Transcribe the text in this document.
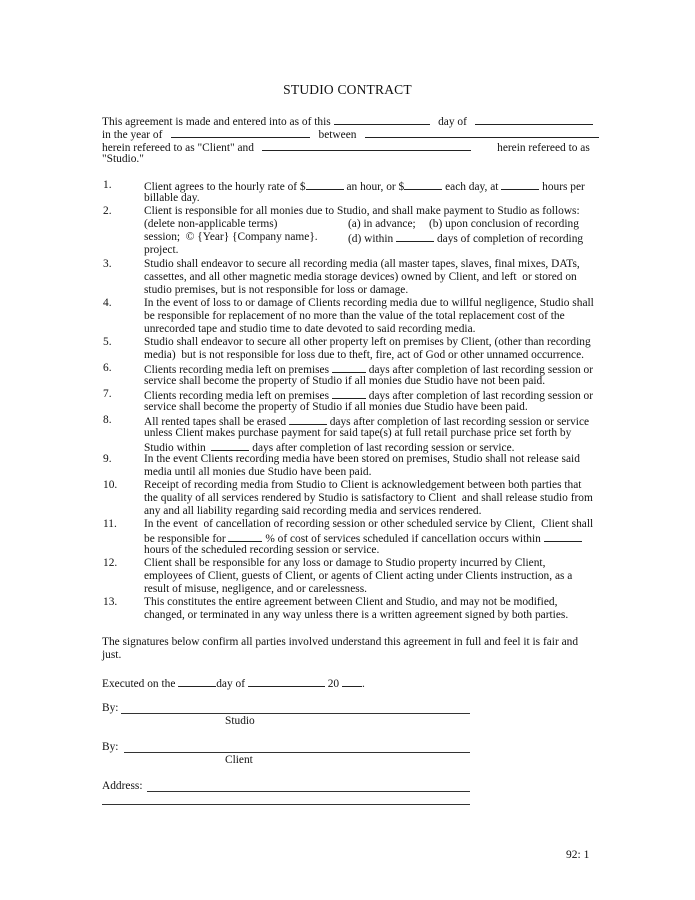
STUDIO CONTRACT
This agreement is made and entered into as of this	day of
in the year of	between
herein refereed to as "Client" and	herein refereed to as
"Studio."
1.	Client agrees to the hourly rate of $	an hour, or $	each day, at	hours per
billable day.
2.	Client is responsible for all monies due to Studio, and shall make payment to Studio as follows:
(delete non-applicable terms)	(a) in advance; (b) upon conclusion of recording
session;  © {Year} {Company name}.	(d) within	days of completion of recording
project.
3.	Studio shall endeavor to secure all recording media (all master tapes, slaves, final mixes, DATs,
cassettes, and all other magnetic media storage devices) owned by Client, and left  or stored on
studio premises, but is not responsible for loss or damage.
4.	In the event of loss to or damage of Clients recording media due to willful negligence, Studio shall
be responsible for replacement of no more than the value of the total replacement cost of the
unrecorded tape and studio time to date devoted to said recording media.
5.	Studio shall endeavor to secure all other property left on premises by Client, (other than recording
media)  but is not responsible for loss due to theft, fire, act of God or other unnamed occurrence.
6.	Clients recording media left on premises	days after completion of last recording session or
service shall become the property of Studio if all monies due Studio have not been paid.
7.	Clients recording media left on premises	days after completion of last recording session or
service shall become the property of Studio if all monies due Studio have been paid.
8.	All rented tapes shall be erased	days after completion of last recording session or service
unless Client makes purchase payment for said tape(s) at full retail purchase price set forth by
Studio within	days after completion of last recording session or service.
9.	In the event Clients recording media have been stored on premises, Studio shall not release said
media until all monies due Studio have been paid.
10. Receipt of recording media from Studio to Client is acknowledgement between both parties that
the quality of all services rendered by Studio is satisfactory to Client  and shall release studio from
any and all liability regarding said recording media and services rendered.
11. In the event  of cancellation of recording session or other scheduled service by Client,  Client shall
be responsible for	% of cost of services scheduled if cancellation occurs within
hours of the scheduled recording session or service.
12. Client shall be responsible for any loss or damage to Studio property incurred by Client,
employees of Client, guests of Client, or agents of Client acting under Clients instruction, as a
result of misuse, negligence, and or carelessness.
13. This constitutes the entire agreement between Client and Studio, and may not be modified,
changed, or terminated in any way unless there is a written agreement signed by both parties.
The signatures below confirm all parties involved understand this agreement in full and feel it is fair and
just.
Executed on the	day of	20 .
By:
Studio
By:
Client
Address:
92: 1
